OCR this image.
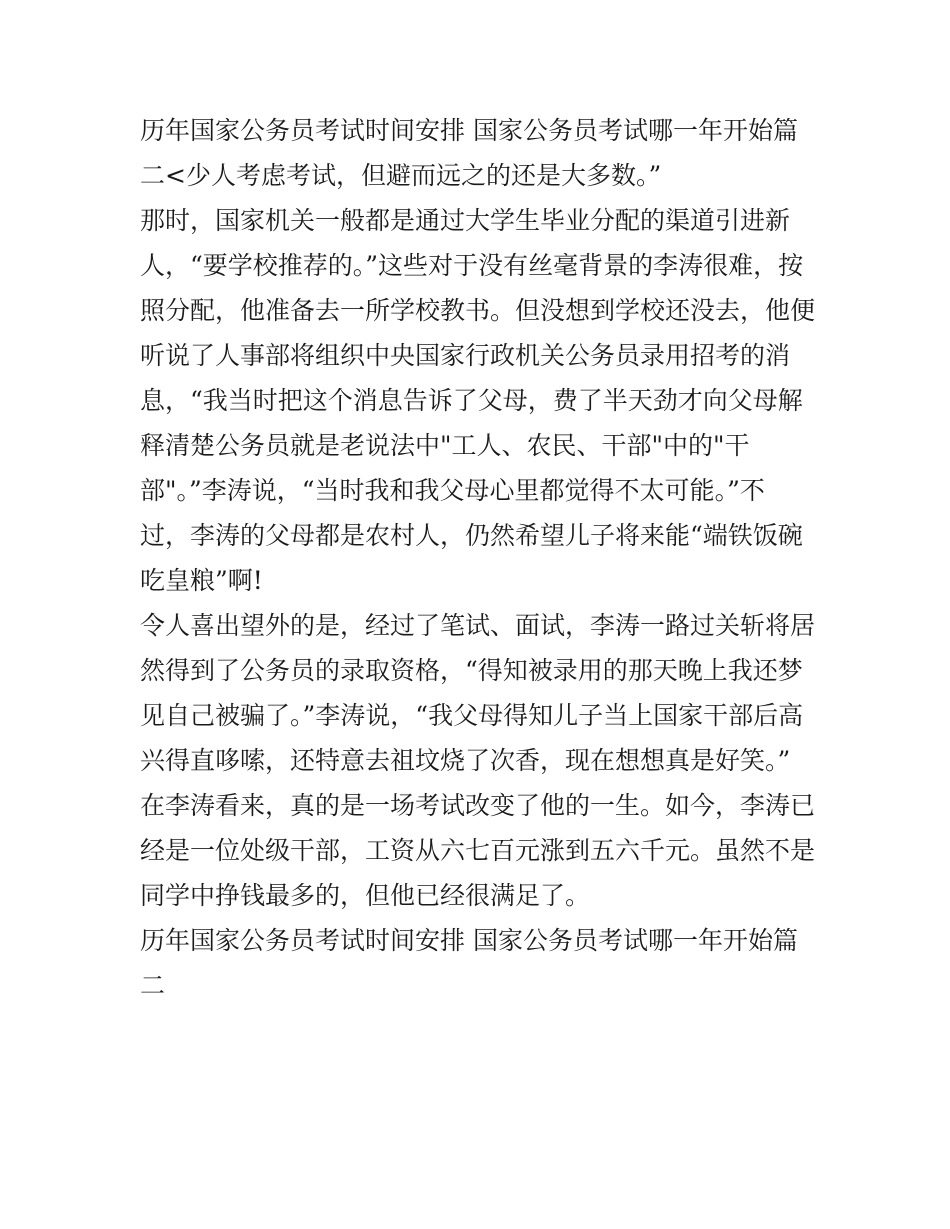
历年国家公务员考试时间安排 国家公务员考试哪一年开始篇
二<少人考虑考试，但避而远之的还是大多数。”
那时，国家机关一般都是通过大学生毕业分配的渠道引进新
人，“要学校推荐的。”这些对于没有丝毫背景的李涛很难，按
照分配，他准备去一所学校教书。但没想到学校还没去，他便
听说了人事部将组织中央国家行政机关公务员录用招考的消
息，“我当时把这个消息告诉了父母，费了半天劲才向父母解
释清楚公务员就是老说法中"工人、农民、干部"中的"干
部"。”李涛说，“当时我和我父母心里都觉得不太可能。”不
过，李涛的父母都是农村人，仍然希望儿子将来能“端铁饭碗
吃皇粮”啊!
令人喜出望外的是，经过了笔试、面试，李涛一路过关斩将居
然得到了公务员的录取资格，“得知被录用的那天晚上我还梦
见自己被骗了。”李涛说，“我父母得知儿子当上国家干部后高
兴得直哆嗦，还特意去祖坟烧了次香，现在想想真是好笑。”
在李涛看来，真的是一场考试改变了他的一生。如今，李涛已
经是一位处级干部，工资从六七百元涨到五六千元。虽然不是
同学中挣钱最多的，但他已经很满足了。
历年国家公务员考试时间安排 国家公务员考试哪一年开始篇
二
